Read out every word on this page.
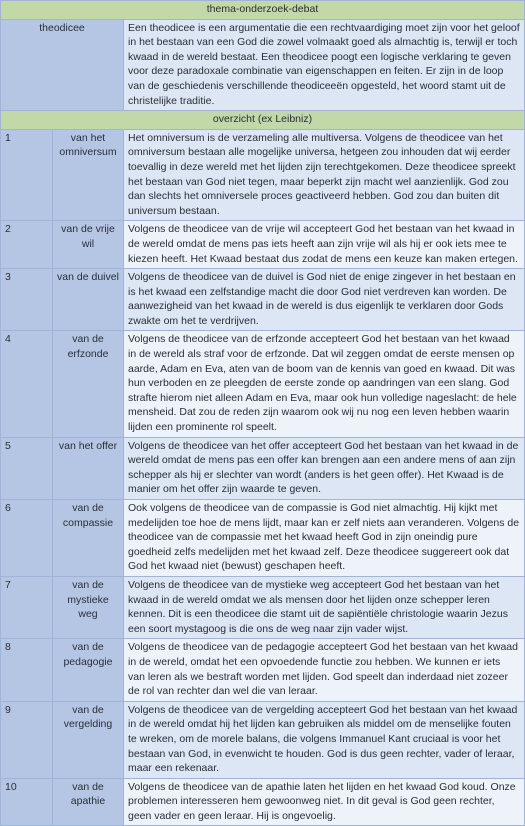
thema-onderzoek-debat		
theodicee		Een theodicee is een argumentatie die een rechtvaardiging moet zijn voor het geloof in het bestaan van een God die zowel volmaakt goed als almachtig is, terwijl er toch kwaad in de wereld bestaat. Een theodicee poogt een logische verklaring te geven voor deze paradoxale combinatie van eigenschappen en feiten. Er zijn in de loop van de geschiedenis verschillende theodiceeën opgesteld, het woord stamt uit de christelijke traditie.
overzicht (ex Leibniz)		
1	van het omniversum	Het omniversum is de verzameling alle multiversa. Volgens de theodicee van het omniversum bestaan alle mogelijke universa, hetgeen zou inhouden dat wij eerder toevallig in deze wereld met het lijden zijn terechtgekomen. Deze theodicee spreekt het bestaan van God niet tegen, maar beperkt zijn macht wel aanzienlijk. God zou dan slechts het omniversele proces geactiveerd hebben. God zou dan buiten dit universum bestaan.
2	van de vrije wil	Volgens de theodicee van de vrije wil accepteert God het bestaan van het kwaad in de wereld omdat de mens pas iets heeft aan zijn vrije wil als hij er ook iets mee te kiezen heeft. Het Kwaad bestaat dus zodat de mens een keuze kan maken ertegen.
3	van de duivel	Volgens de theodicee van de duivel is God niet de enige zingever in het bestaan en is het kwaad een zelfstandige macht die door God niet verdreven kan worden. De aanwezigheid van het kwaad in de wereld is dus eigenlijk te verklaren door Gods zwakte om het te verdrijven.
4	van de erfzonde	Volgens de theodicee van de erfzonde accepteert God het bestaan van het kwaad in de wereld als straf voor de erfzonde. Dat wil zeggen omdat de eerste mensen op aarde, Adam en Eva, aten van de boom van de kennis van goed en kwaad. Dit was hun verboden en ze pleegden de eerste zonde op aandringen van een slang. God strafte hierom niet alleen Adam en Eva, maar ook hun volledige nageslacht: de hele mensheid. Dat zou de reden zijn waarom ook wij nu nog een leven hebben waarin lijden een prominente rol speelt.
5	van het offer	Volgens de theodicee van het offer accepteert God het bestaan van het kwaad in de wereld omdat de mens pas een offer kan brengen aan een andere mens of aan zijn schepper als hij er slechter van wordt (anders is het geen offer). Het Kwaad is de manier om het offer zijn waarde te geven.
6	van de compassie	Ook volgens de theodicee van de compassie is God niet almachtig. Hij kijkt met medelijden toe hoe de mens lijdt, maar kan er zelf niets aan veranderen. Volgens de theodicee van de compassie met het kwaad heeft God in zijn oneindig pure goedheid zelfs medelijden met het kwaad zelf. Deze theodicee suggereert ook dat God het kwaad niet (bewust) geschapen heeft.
7	van de mystieke weg	Volgens de theodicee van de mystieke weg accepteert God het bestaan van het kwaad in de wereld omdat we als mensen door het lijden onze schepper leren kennen. Dit is een theodicee die stamt uit de sapiëntiële christologie waarin Jezus een soort mystagoog is die ons de weg naar zijn vader wijst.
8	van de pedagogie	Volgens de theodicee van de pedagogie accepteert God het bestaan van het kwaad in de wereld, omdat het een opvoedende functie zou hebben. We kunnen er iets van leren als we bestraft worden met lijden. God speelt dan inderdaad niet zozeer de rol van rechter dan wel die van leraar.
9	van de vergelding	Volgens de theodicee van de vergelding accepteert God het bestaan van het kwaad in de wereld omdat hij het lijden kan gebruiken als middel om de menselijke fouten te wreken, om de morele balans, die volgens Immanuel Kant cruciaal is voor het bestaan van God, in evenwicht te houden. God is dus geen rechter, vader of leraar, maar een rekenaar.
10	van de apathie	Volgens de theodicee van de apathie laten het lijden en het kwaad God koud. Onze problemen interesseren hem gewoonweg niet. In dit geval is God geen rechter, geen vader en geen leraar. Hij is ongevoelig.
